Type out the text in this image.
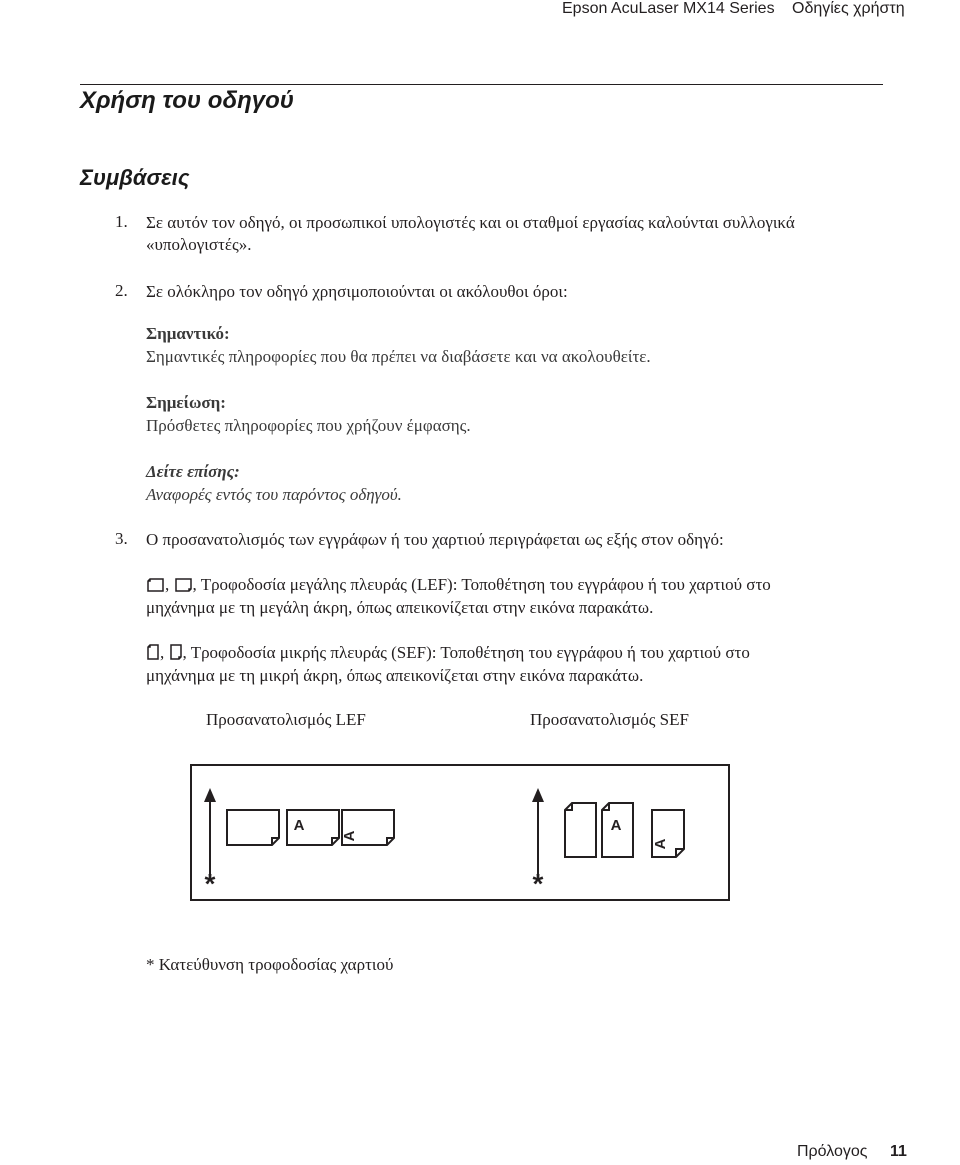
Epson AcuLaser MX14 Series Οδηγίες χρήστη
Χρήση του οδηγού
Συμβάσεις
1. Σε αυτόν τον οδηγό, οι προσωπικοί υπολογιστές και οι σταθμοί εργασίας καλούνται συλλογικά
«υπολογιστές».
2. Σε ολόκληρο τον οδηγό χρησιμοποιούνται οι ακόλουθοι όροι:
Σημαντικό:
Σημαντικές πληροφορίες που θα πρέπει να διαβάσετε και να ακολουθείτε.
Σημείωση:
Πρόσθετες πληροφορίες που χρήζουν έμφασης.
Δείτε επίσης:
Αναφορές εντός του παρόντος οδηγού.
3. Ο προσανατολισμός των εγγράφων ή του χαρτιού περιγράφεται ως εξής στον οδηγό:
, , Τροφοδοσία μεγάλης πλευράς (LEF): Τοποθέτηση του εγγράφου ή του χαρτιού στο
μηχάνημα με τη μεγάλη άκρη, όπως απεικονίζεται στην εικόνα παρακάτω.
, , Τροφοδοσία μικρής πλευράς (SEF): Τοποθέτηση του εγγράφου ή του χαρτιού στο
μηχάνημα με τη μικρή άκρη, όπως απεικονίζεται στην εικόνα παρακάτω.
Προσανατολισμός LEF	Προσανατολισμός SEF
*
A
A
*
A
A
* Κατεύθυνση τροφοδοσίας χαρτιού
Πρόλογος 11
